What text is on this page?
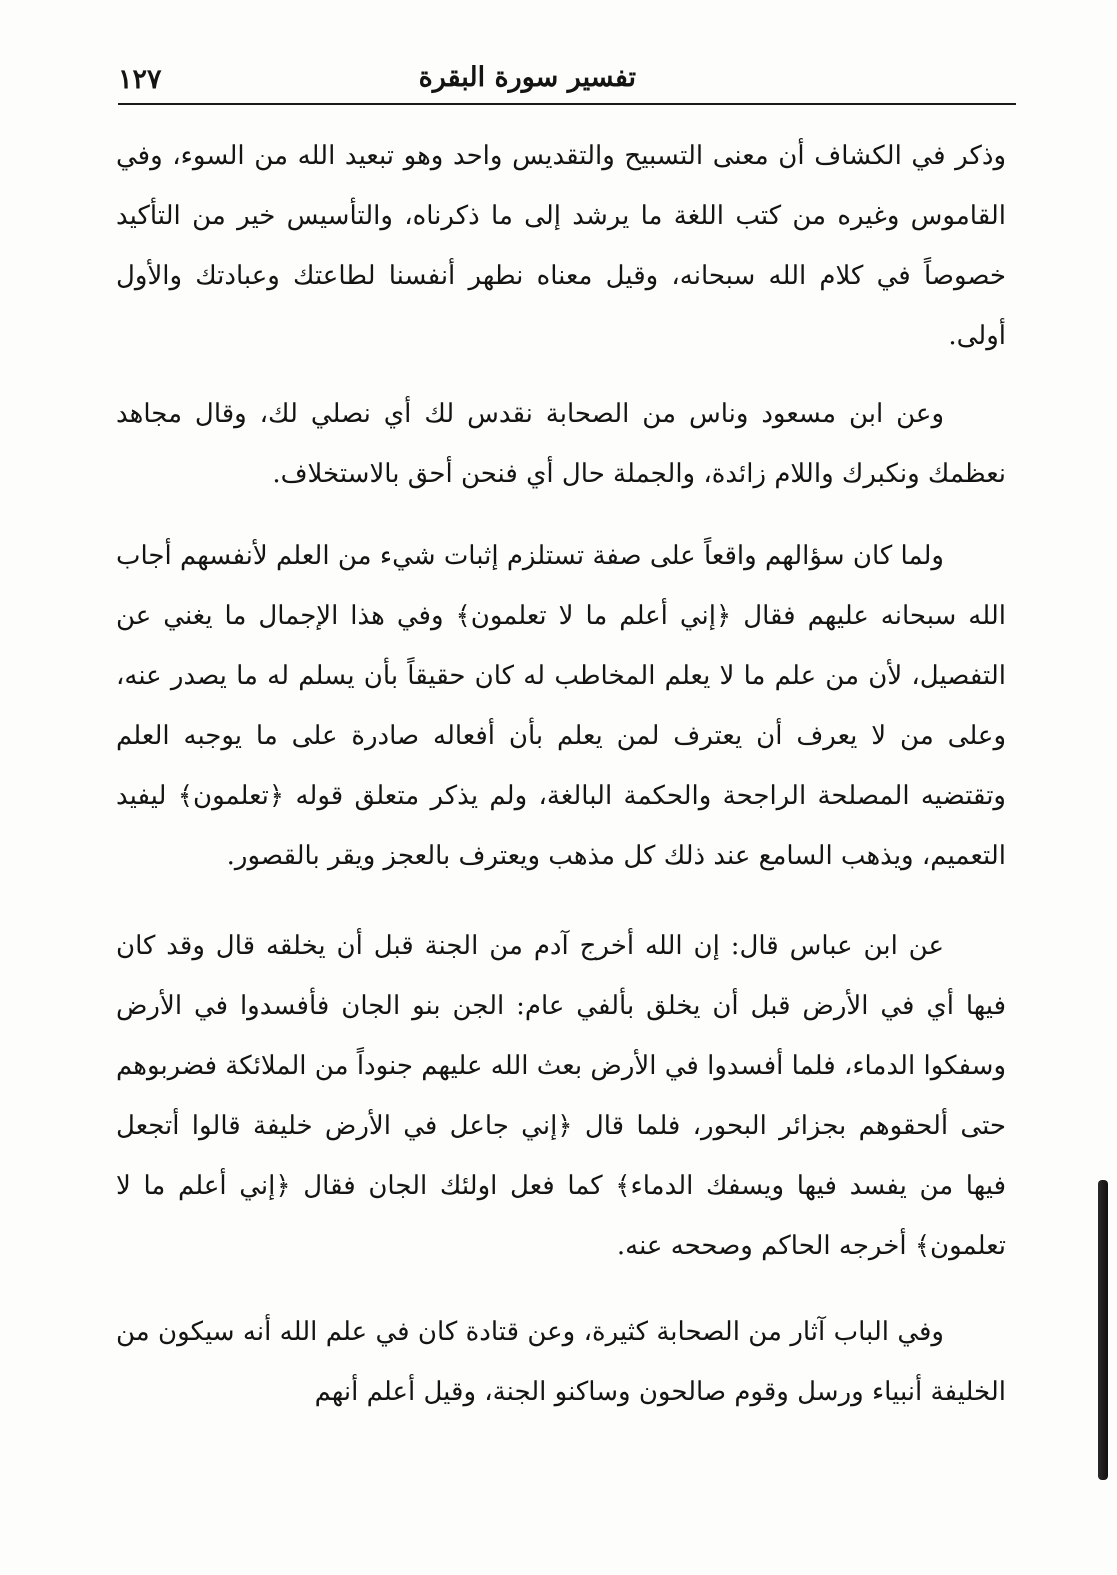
تفسير سورة البقرة
١٢٧

وذكر في الكشاف أن معنى التسبيح والتقديس واحد وهو تبعيد الله من السوء، وفي القاموس وغيره من كتب اللغة ما يرشد إلى ما ذكرناه، والتأسيس خير من التأكيد خصوصاً في كلام الله سبحانه، وقيل معناه نطهر أنفسنا لطاعتك وعبادتك والأول أولى.

وعن ابن مسعود وناس من الصحابة نقدس لك أي نصلي لك، وقال مجاهد نعظمك ونكبرك واللام زائدة، والجملة حال أي فنحن أحق بالاستخلاف.

ولما كان سؤالهم واقعاً على صفة تستلزم إثبات شيء من العلم لأنفسهم أجاب الله سبحانه عليهم فقال ﴿إني أعلم ما لا تعلمون﴾ وفي هذا الإجمال ما يغني عن التفصيل، لأن من علم ما لا يعلم المخاطب له كان حقيقاً بأن يسلم له ما يصدر عنه، وعلى من لا يعرف أن يعترف لمن يعلم بأن أفعاله صادرة على ما يوجبه العلم وتقتضيه المصلحة الراجحة والحكمة البالغة، ولم يذكر متعلق قوله ﴿تعلمون﴾ ليفيد التعميم، ويذهب السامع عند ذلك كل مذهب ويعترف بالعجز ويقر بالقصور.

عن ابن عباس قال: إن الله أخرج آدم من الجنة قبل أن يخلقه قال وقد كان فيها أي في الأرض قبل أن يخلق بألفي عام: الجن بنو الجان فأفسدوا في الأرض وسفكوا الدماء، فلما أفسدوا في الأرض بعث الله عليهم جنوداً من الملائكة فضربوهم حتى ألحقوهم بجزائر البحور، فلما قال ﴿إني جاعل في الأرض خليفة قالوا أتجعل فيها من يفسد فيها ويسفك الدماء﴾ كما فعل اولئك الجان فقال ﴿إني أعلم ما لا تعلمون﴾ أخرجه الحاكم وصححه عنه.

وفي الباب آثار من الصحابة كثيرة، وعن قتادة كان في علم الله أنه سيكون من الخليفة أنبياء ورسل وقوم صالحون وساكنو الجنة، وقيل أعلم أنهم
